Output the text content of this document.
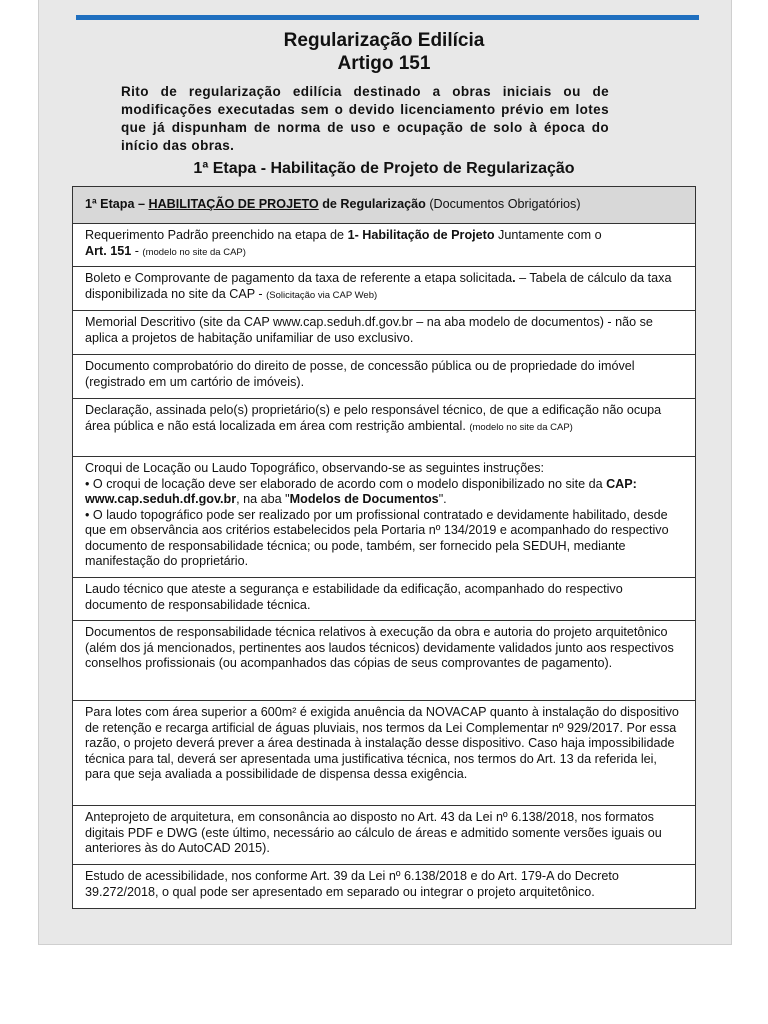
Regularização Edilícia
Artigo 151
Rito de regularização edilícia destinado a obras iniciais ou de modificações executadas sem o devido licenciamento prévio em lotes que já dispunham de norma de uso e ocupação de solo à época do início das obras.
1ª Etapa - Habilitação de Projeto de Regularização
1ª Etapa – HABILITAÇÃO DE PROJETO de Regularização (Documentos Obrigatórios)
Requerimento Padrão preenchido na etapa de 1- Habilitação de Projeto Juntamente com o
Art. 151 - (modelo no site da CAP)
Boleto e Comprovante de pagamento da taxa de referente a etapa solicitada. – Tabela de cálculo da taxa disponibilizada no site da CAP - (Solicitação via CAP Web)
Memorial Descritivo (site da CAP www.cap.seduh.df.gov.br – na aba modelo de documentos) - não se aplica a projetos de habitação unifamiliar de uso exclusivo.
Documento comprobatório do direito de posse, de concessão pública ou de propriedade do imóvel (registrado em um cartório de imóveis).
Declaração, assinada pelo(s) proprietário(s) e pelo responsável técnico, de que a edificação não ocupa área pública e não está localizada em área com restrição ambiental. (modelo no site da CAP)
Croqui de Locação ou Laudo Topográfico, observando-se as seguintes instruções:
• O croqui de locação deve ser elaborado de acordo com o modelo disponibilizado no site da CAP: www.cap.seduh.df.gov.br, na aba "Modelos de Documentos".
• O laudo topográfico pode ser realizado por um profissional contratado e devidamente habilitado, desde que em observância aos critérios estabelecidos pela Portaria nº 134/2019 e acompanhado do respectivo documento de responsabilidade técnica; ou pode, também, ser fornecido pela SEDUH, mediante manifestação do proprietário.
Laudo técnico que ateste a segurança e estabilidade da edificação, acompanhado do respectivo documento de responsabilidade técnica.
Documentos de responsabilidade técnica relativos à execução da obra e autoria do projeto arquitetônico (além dos já mencionados, pertinentes aos laudos técnicos) devidamente validados junto aos respectivos conselhos profissionais (ou acompanhados das cópias de seus comprovantes de pagamento).
Para lotes com área superior a 600m² é exigida anuência da NOVACAP quanto à instalação do dispositivo de retenção e recarga artificial de águas pluviais, nos termos da Lei Complementar nº 929/2017. Por essa razão, o projeto deverá prever a área destinada à instalação desse dispositivo. Caso haja impossibilidade técnica para tal, deverá ser apresentada uma justificativa técnica, nos termos do Art. 13 da referida lei, para que seja avaliada a possibilidade de dispensa dessa exigência.
Anteprojeto de arquitetura, em consonância ao disposto no Art. 43 da Lei nº 6.138/2018, nos formatos digitais PDF e DWG (este último, necessário ao cálculo de áreas e admitido somente versões iguais ou anteriores às do AutoCAD 2015).
Estudo de acessibilidade, nos conforme Art. 39 da Lei nº 6.138/2018 e do Art. 179-A do Decreto 39.272/2018, o qual pode ser apresentado em separado ou integrar o projeto arquitetônico.
